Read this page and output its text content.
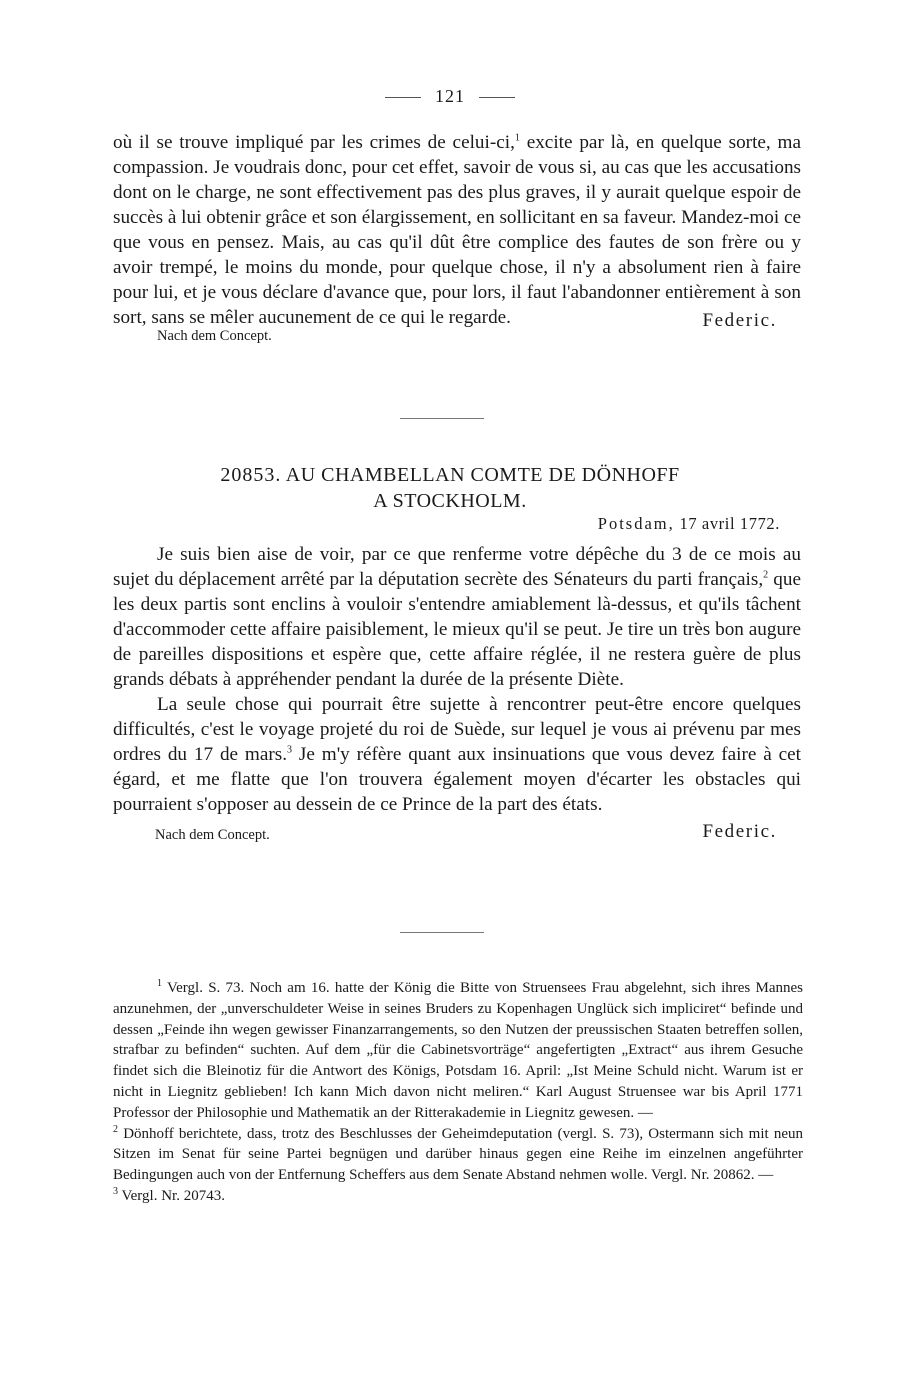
121

où il se trouve impliqué par les crimes de celui-ci,$^1$ excite par là, en quelque sorte, ma compassion. Je voudrais donc, pour cet effet, savoir de vous si, au cas que les accusations dont on le charge, ne sont effectivement pas des plus graves, il y aurait quelque espoir de succès à lui obtenir grâce et son élargissement, en sollicitant en sa faveur. Mandez-moi ce que vous en pensez. Mais, au cas qu'il dût être complice des fautes de son frère ou y avoir trempé, le moins du monde, pour quelque chose, il n'y a absolument rien à faire pour lui, et je vous déclare d'avance que, pour lors, il faut l'abandonner entièrement à son sort, sans se mêler aucunement de ce qui le regarde.	Federic.
Nach dem Concept.
20853. AU CHAMBELLAN COMTE DE DÖNHOFF
A STOCKHOLM.
Potsdam, 17 avril 1772.

Je suis bien aise de voir, par ce que renferme votre dépêche du 3 de ce mois au sujet du déplacement arrêté par la députation secrète des Sénateurs du parti français,$^2$ que les deux partis sont enclins à vouloir s'entendre amiablement là-dessus, et qu'ils tâchent d'accommoder cette affaire paisiblement, le mieux qu'il se peut. Je tire un très bon augure de pareilles dispositions et espère que, cette affaire réglée, il ne restera guère de plus grands débats à appréhender pendant la durée de la présente Diète.

La seule chose qui pourrait être sujette à rencontrer peut-être encore quelques difficultés, c'est le voyage projeté du roi de Suède, sur lequel je vous ai prévenu par mes ordres du 17 de mars.$^3$ Je m'y réfère quant aux insinuations que vous devez faire à cet égard, et me flatte que l'on trouvera également moyen d'écarter les obstacles qui pourraient s'opposer au dessein de ce Prince de la part des états.

Nach dem Concept.	Federic.

$^1$ Vergl. S. 73. Noch am 16. hatte der König die Bitte von Struensees Frau abgelehnt, sich ihres Mannes anzunehmen, der „unverschuldeter Weise in seines Bruders zu Kopenhagen Unglück sich impliciret“ befinde und dessen „Feinde ihn wegen gewisser Finanzarrangements, so den Nutzen der preussischen Staaten betreffen sollen, strafbar zu befinden“ suchten. Auf dem „für die Cabinetsvorträge“ angefertigten „Extract“ aus ihrem Gesuche findet sich die Bleinotiz für die Antwort des Königs, Potsdam 16. April: „Ist Meine Schuld nicht. Warum ist er nicht in Liegnitz geblieben! Ich kann Mich davon nicht meliren.“ Karl August Struensee war bis April 1771 Professor der Philosophie und Mathematik an der Ritterakademie in Liegnitz gewesen. —
$^2$ Dönhoff berichtete, dass, trotz des Beschlusses der Geheimdeputation (vergl. S. 73), Ostermann sich mit neun Sitzen im Senat für seine Partei begnügen und darüber hinaus gegen eine Reihe im einzelnen angeführter Bedingungen auch von der Entfernung Scheffers aus dem Senate Abstand nehmen wolle. Vergl. Nr. 20862. —
$^3$ Vergl. Nr. 20743.
